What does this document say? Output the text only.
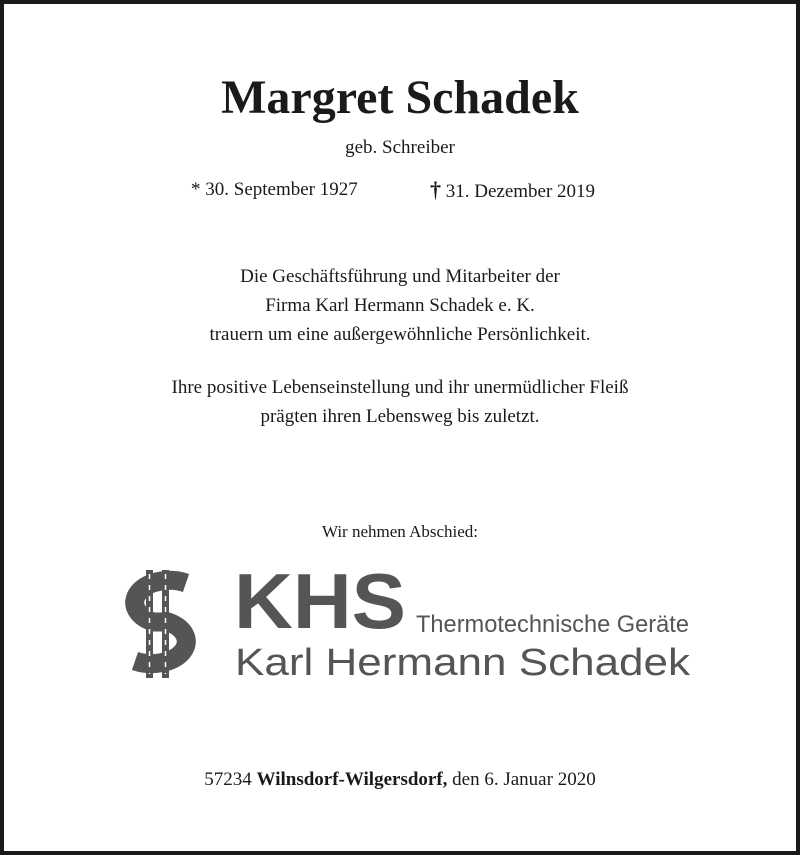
Margret Schadek
geb. Schreiber
* 30. September 1927	† 31. Dezember 2019
Die Geschäftsführung und Mitarbeiter der
Firma Karl Hermann Schadek e. K.
trauern um eine außergewöhnliche Persönlichkeit.
Ihre positive Lebenseinstellung und ihr unermüdlicher Fleiß
prägten ihren Lebensweg bis zuletzt.
Wir nehmen Abschied:
KHS Thermotechnische Geräte
Karl Hermann Schadek
57234 Wilnsdorf-Wilgersdorf, den 6. Januar 2020
